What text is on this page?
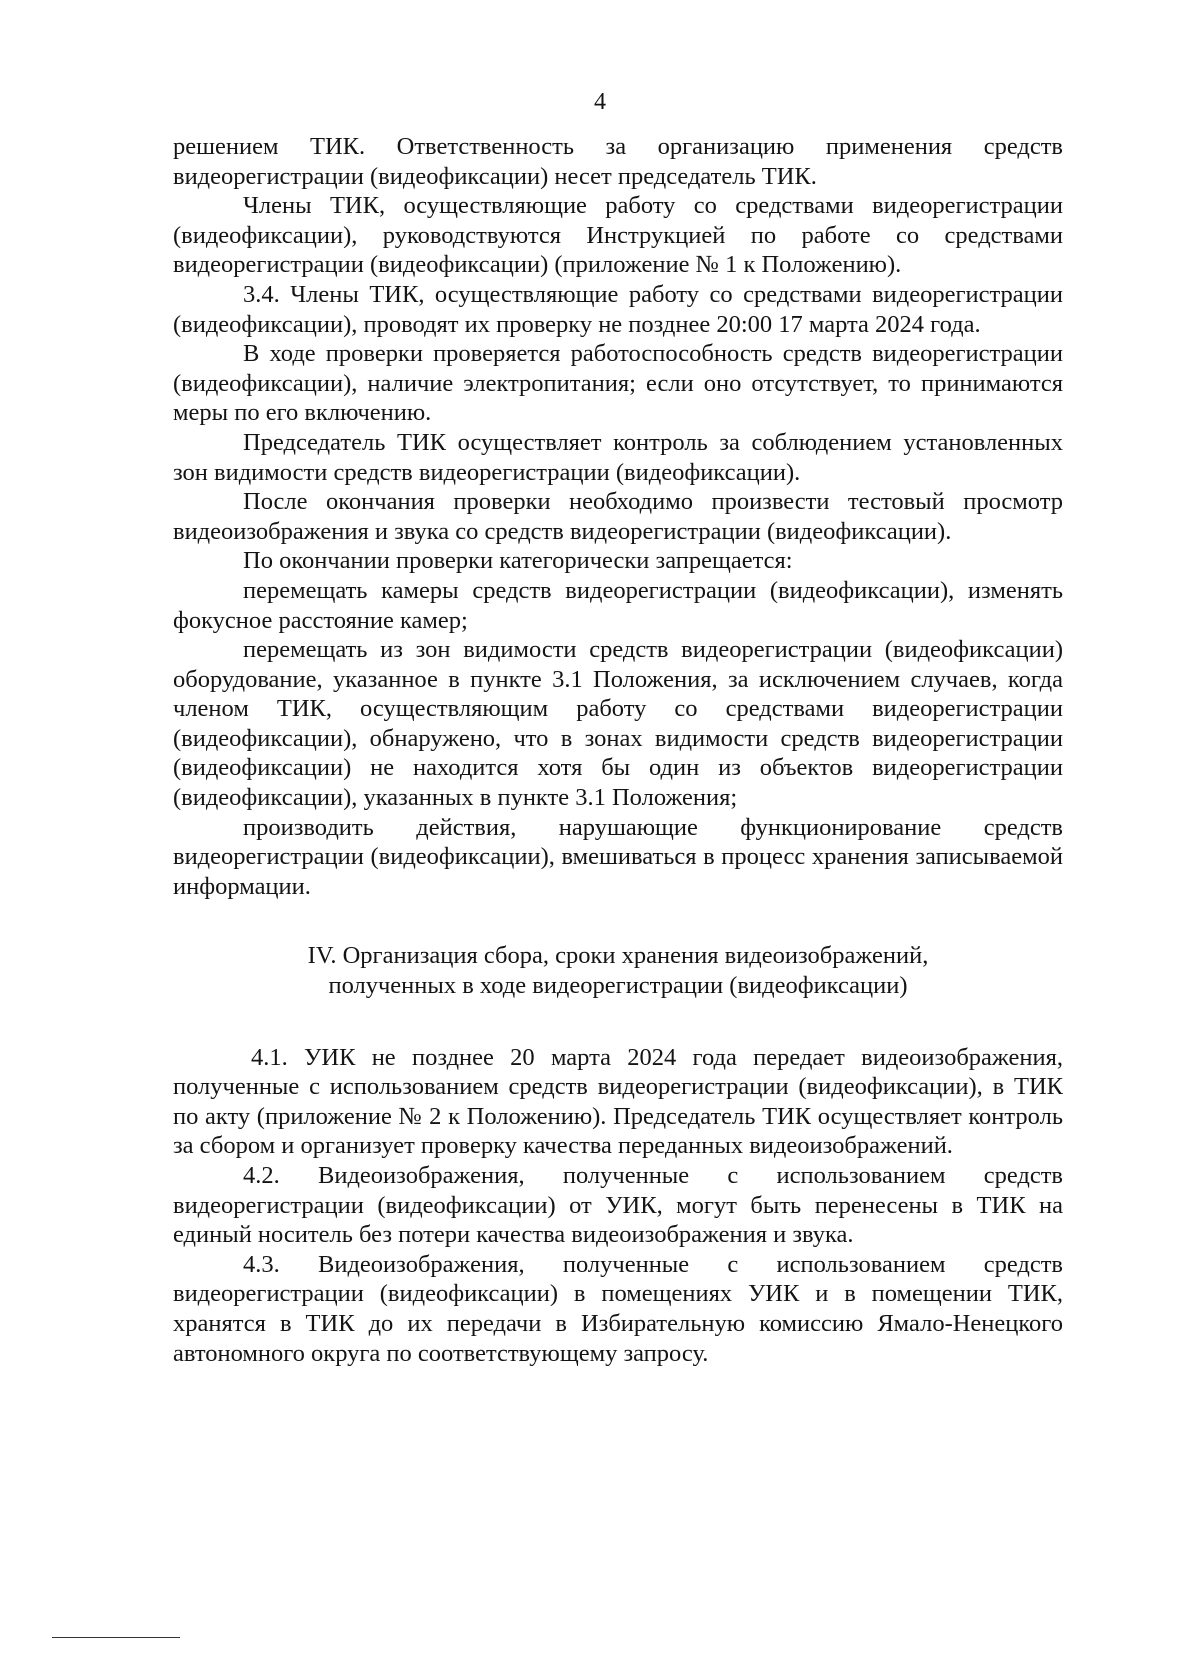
4

решением ТИК. Ответственность за организацию применения средств видеорегистрации (видеофиксации) несет председатель ТИК.

Члены ТИК, осуществляющие работу со средствами видеорегистрации (видеофиксации), руководствуются Инструкцией по работе со средствами видеорегистрации (видеофиксации) (приложение № 1 к Положению).

3.4. Члены ТИК, осуществляющие работу со средствами видеорегистрации (видеофиксации), проводят их проверку не позднее 20:00 17 марта 2024 года.

В ходе проверки проверяется работоспособность средств видеорегистрации (видеофиксации), наличие электропитания; если оно отсутствует, то принимаются меры по его включению.

Председатель ТИК осуществляет контроль за соблюдением установленных зон видимости средств видеорегистрации (видеофиксации).

После окончания проверки необходимо произвести тестовый просмотр видеоизображения и звука со средств видеорегистрации (видеофиксации).

По окончании проверки категорически запрещается:

перемещать камеры средств видеорегистрации (видеофиксации), изменять фокусное расстояние камер;

перемещать из зон видимости средств видеорегистрации (видеофиксации) оборудование, указанное в пункте 3.1 Положения, за исключением случаев, когда членом ТИК, осуществляющим работу со средствами видеорегистрации (видеофиксации), обнаружено, что в зонах видимости средств видеорегистрации (видеофиксации) не находится хотя бы один из объектов видеорегистрации (видеофиксации), указанных в пункте 3.1 Положения;

производить действия, нарушающие функционирование средств видеорегистрации (видеофиксации), вмешиваться в процесс хранения записываемой информации.

IV. Организация сбора, сроки хранения видеоизображений,
полученных в ходе видеорегистрации (видеофиксации)

4.1. УИК не позднее 20 марта 2024 года передает видеоизображения, полученные с использованием средств видеорегистрации (видеофиксации), в ТИК по акту (приложение № 2 к Положению). Председатель ТИК осуществляет контроль за сбором и организует проверку качества переданных видеоизображений.

4.2. Видеоизображения, полученные с использованием средств видеорегистрации (видеофиксации) от УИК, могут быть перенесены в ТИК на единый носитель без потери качества видеоизображения и звука.

4.3. Видеоизображения, полученные с использованием средств видеорегистрации (видеофиксации) в помещениях УИК и в помещении ТИК, хранятся в ТИК до их передачи в Избирательную комиссию Ямало-Ненецкого автономного округа по соответствующему запросу.
